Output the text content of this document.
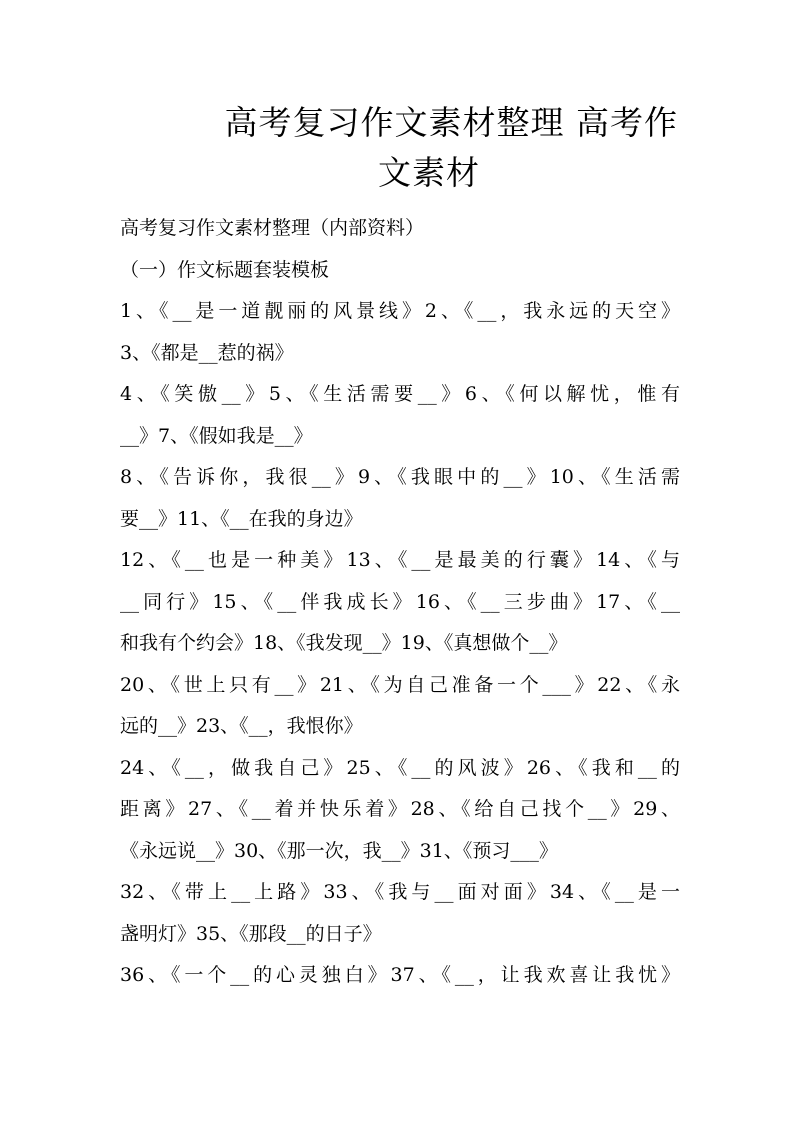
高考复习作文素材整理 高考作
文素材

高考复习作文素材整理（内部资料）

（一）作文标题套装模板

1、《__是一道靓丽的风景线》2、《__，我永远的天空》

3、《都是__惹的祸》

4、《笑傲__》5、《生活需要__》6、《何以解忧，惟有

__》7、《假如我是__》

8、《告诉你，我很__》9、《我眼中的__》10、《生活需

要__》11、《__在我的身边》

12、《__也是一种美》13、《__是最美的行囊》14、《与

__同行》15、《__伴我成长》16、《__三步曲》17、《__

和我有个约会》18、《我发现__》19、《真想做个__》

20、《世上只有__》21、《为自己准备一个___》22、《永

远的__》23、《__，我恨你》

24、《__，做我自己》25、《__的风波》26、《我和__的

距离》27、《__着并快乐着》28、《给自己找个__》29、

《永远说__》30、《那一次，我__》31、《预习___》

32、《带上__上路》33、《我与__面对面》34、《__是一

盏明灯》35、《那段__的日子》

36、《一个__的心灵独白》37、《__，让我欢喜让我忧》
